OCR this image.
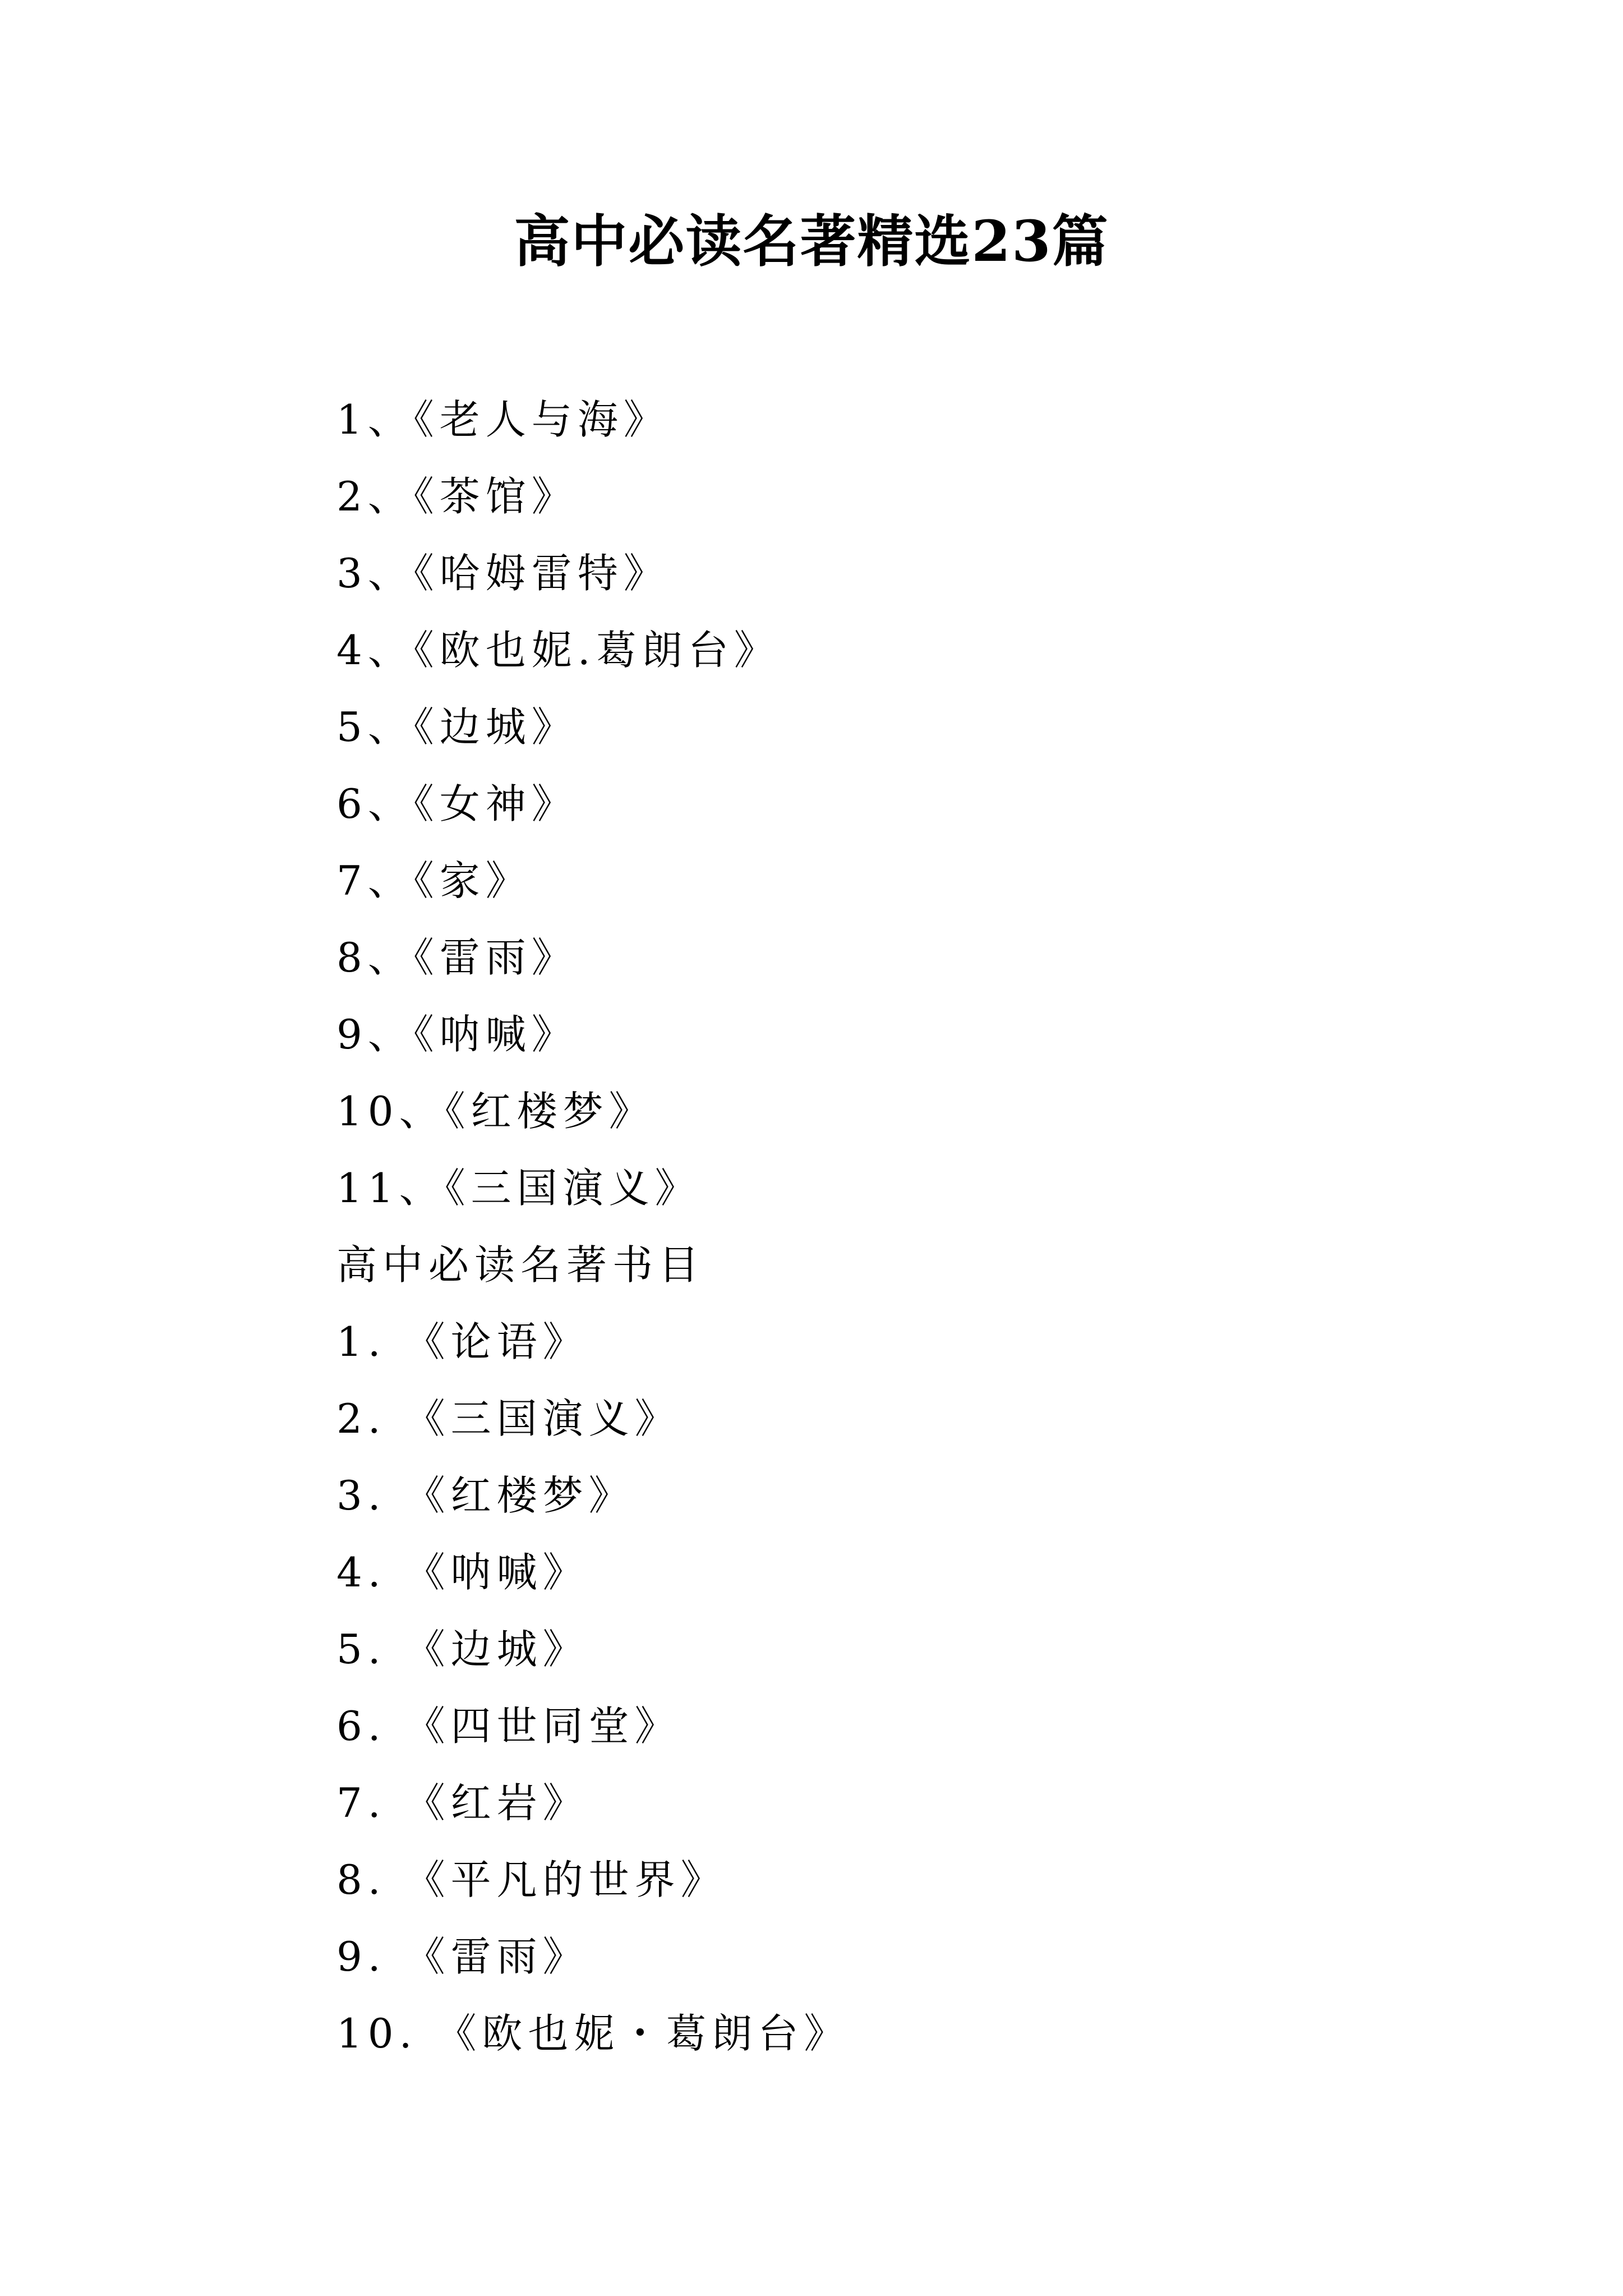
高中必读名著精选23篇
1、《老人与海》
2、《茶馆》
3、《哈姆雷特》
4、《欧也妮.葛朗台》
5、《边城》
6、《女神》
7、《家》
8、《雷雨》
9、《呐喊》
10、《红楼梦》
11、《三国演义》
高中必读名著书目
1. 《论语》
2. 《三国演义》
3. 《红楼梦》
4. 《呐喊》
5. 《边城》
6. 《四世同堂》
7. 《红岩》
8. 《平凡的世界》
9. 《雷雨》
10. 《欧也妮・葛朗台》
